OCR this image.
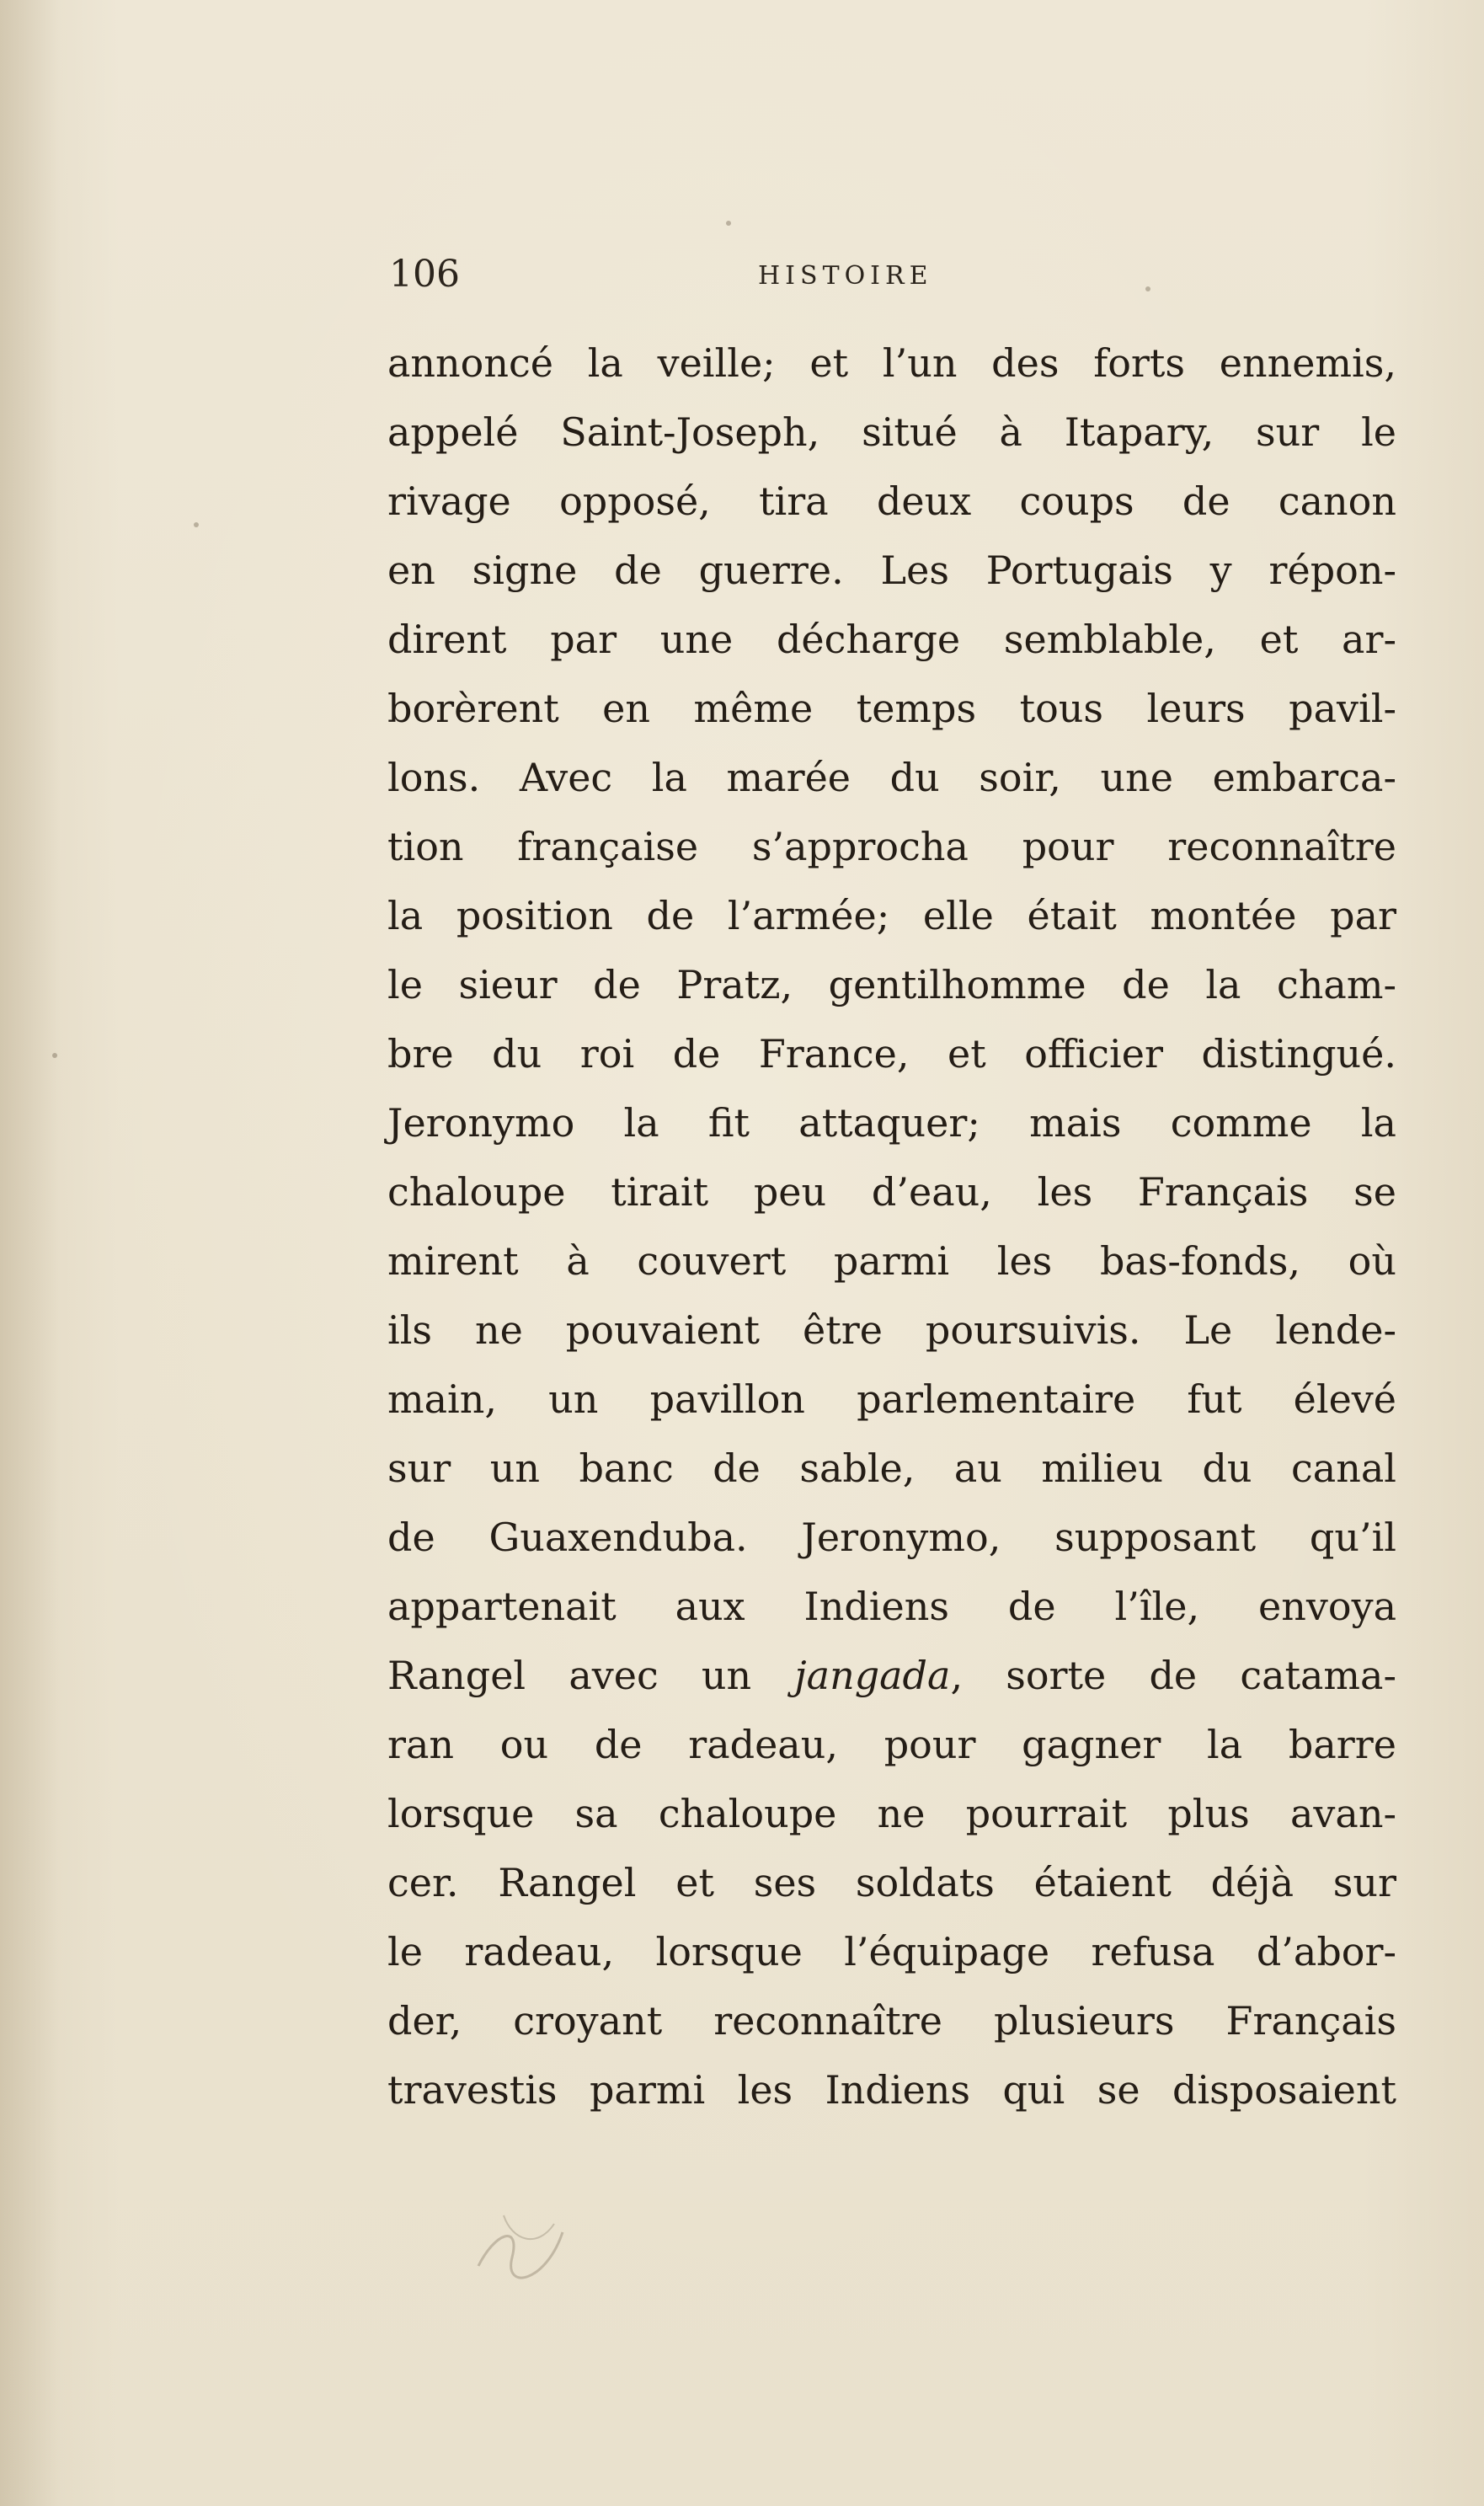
106	HISTOIRE
annoncé la veille; et l’un des forts ennemis,
appelé Saint-Joseph, situé à Itapary, sur le
rivage opposé, tira deux coups de canon
en signe de guerre. Les Portugais y répon-
dirent par une décharge semblable, et ar-
borèrent en même temps tous leurs pavil-
lons. Avec la marée du soir, une embarca-
tion française s’approcha pour reconnaître
la position de l’armée; elle était montée par
le sieur de Pratz, gentilhomme de la cham-
bre du roi de France, et officier distingué.
Jeronymo la fit attaquer; mais comme la
chaloupe tirait peu d’eau, les Français se
mirent à couvert parmi les bas-fonds, où
ils ne pouvaient être poursuivis. Le lende-
main, un pavillon parlementaire fut élevé
sur un banc de sable, au milieu du canal
de Guaxenduba. Jeronymo, supposant qu’il
appartenait aux Indiens de l’île, envoya
Rangel avec un jangada, sorte de catama-
ran ou de radeau, pour gagner la barre
lorsque sa chaloupe ne pourrait plus avan-
cer. Rangel et ses soldats étaient déjà sur
le radeau, lorsque l’équipage refusa d’abor-
der, croyant reconnaître plusieurs Français
travestis parmi les Indiens qui se disposaient
